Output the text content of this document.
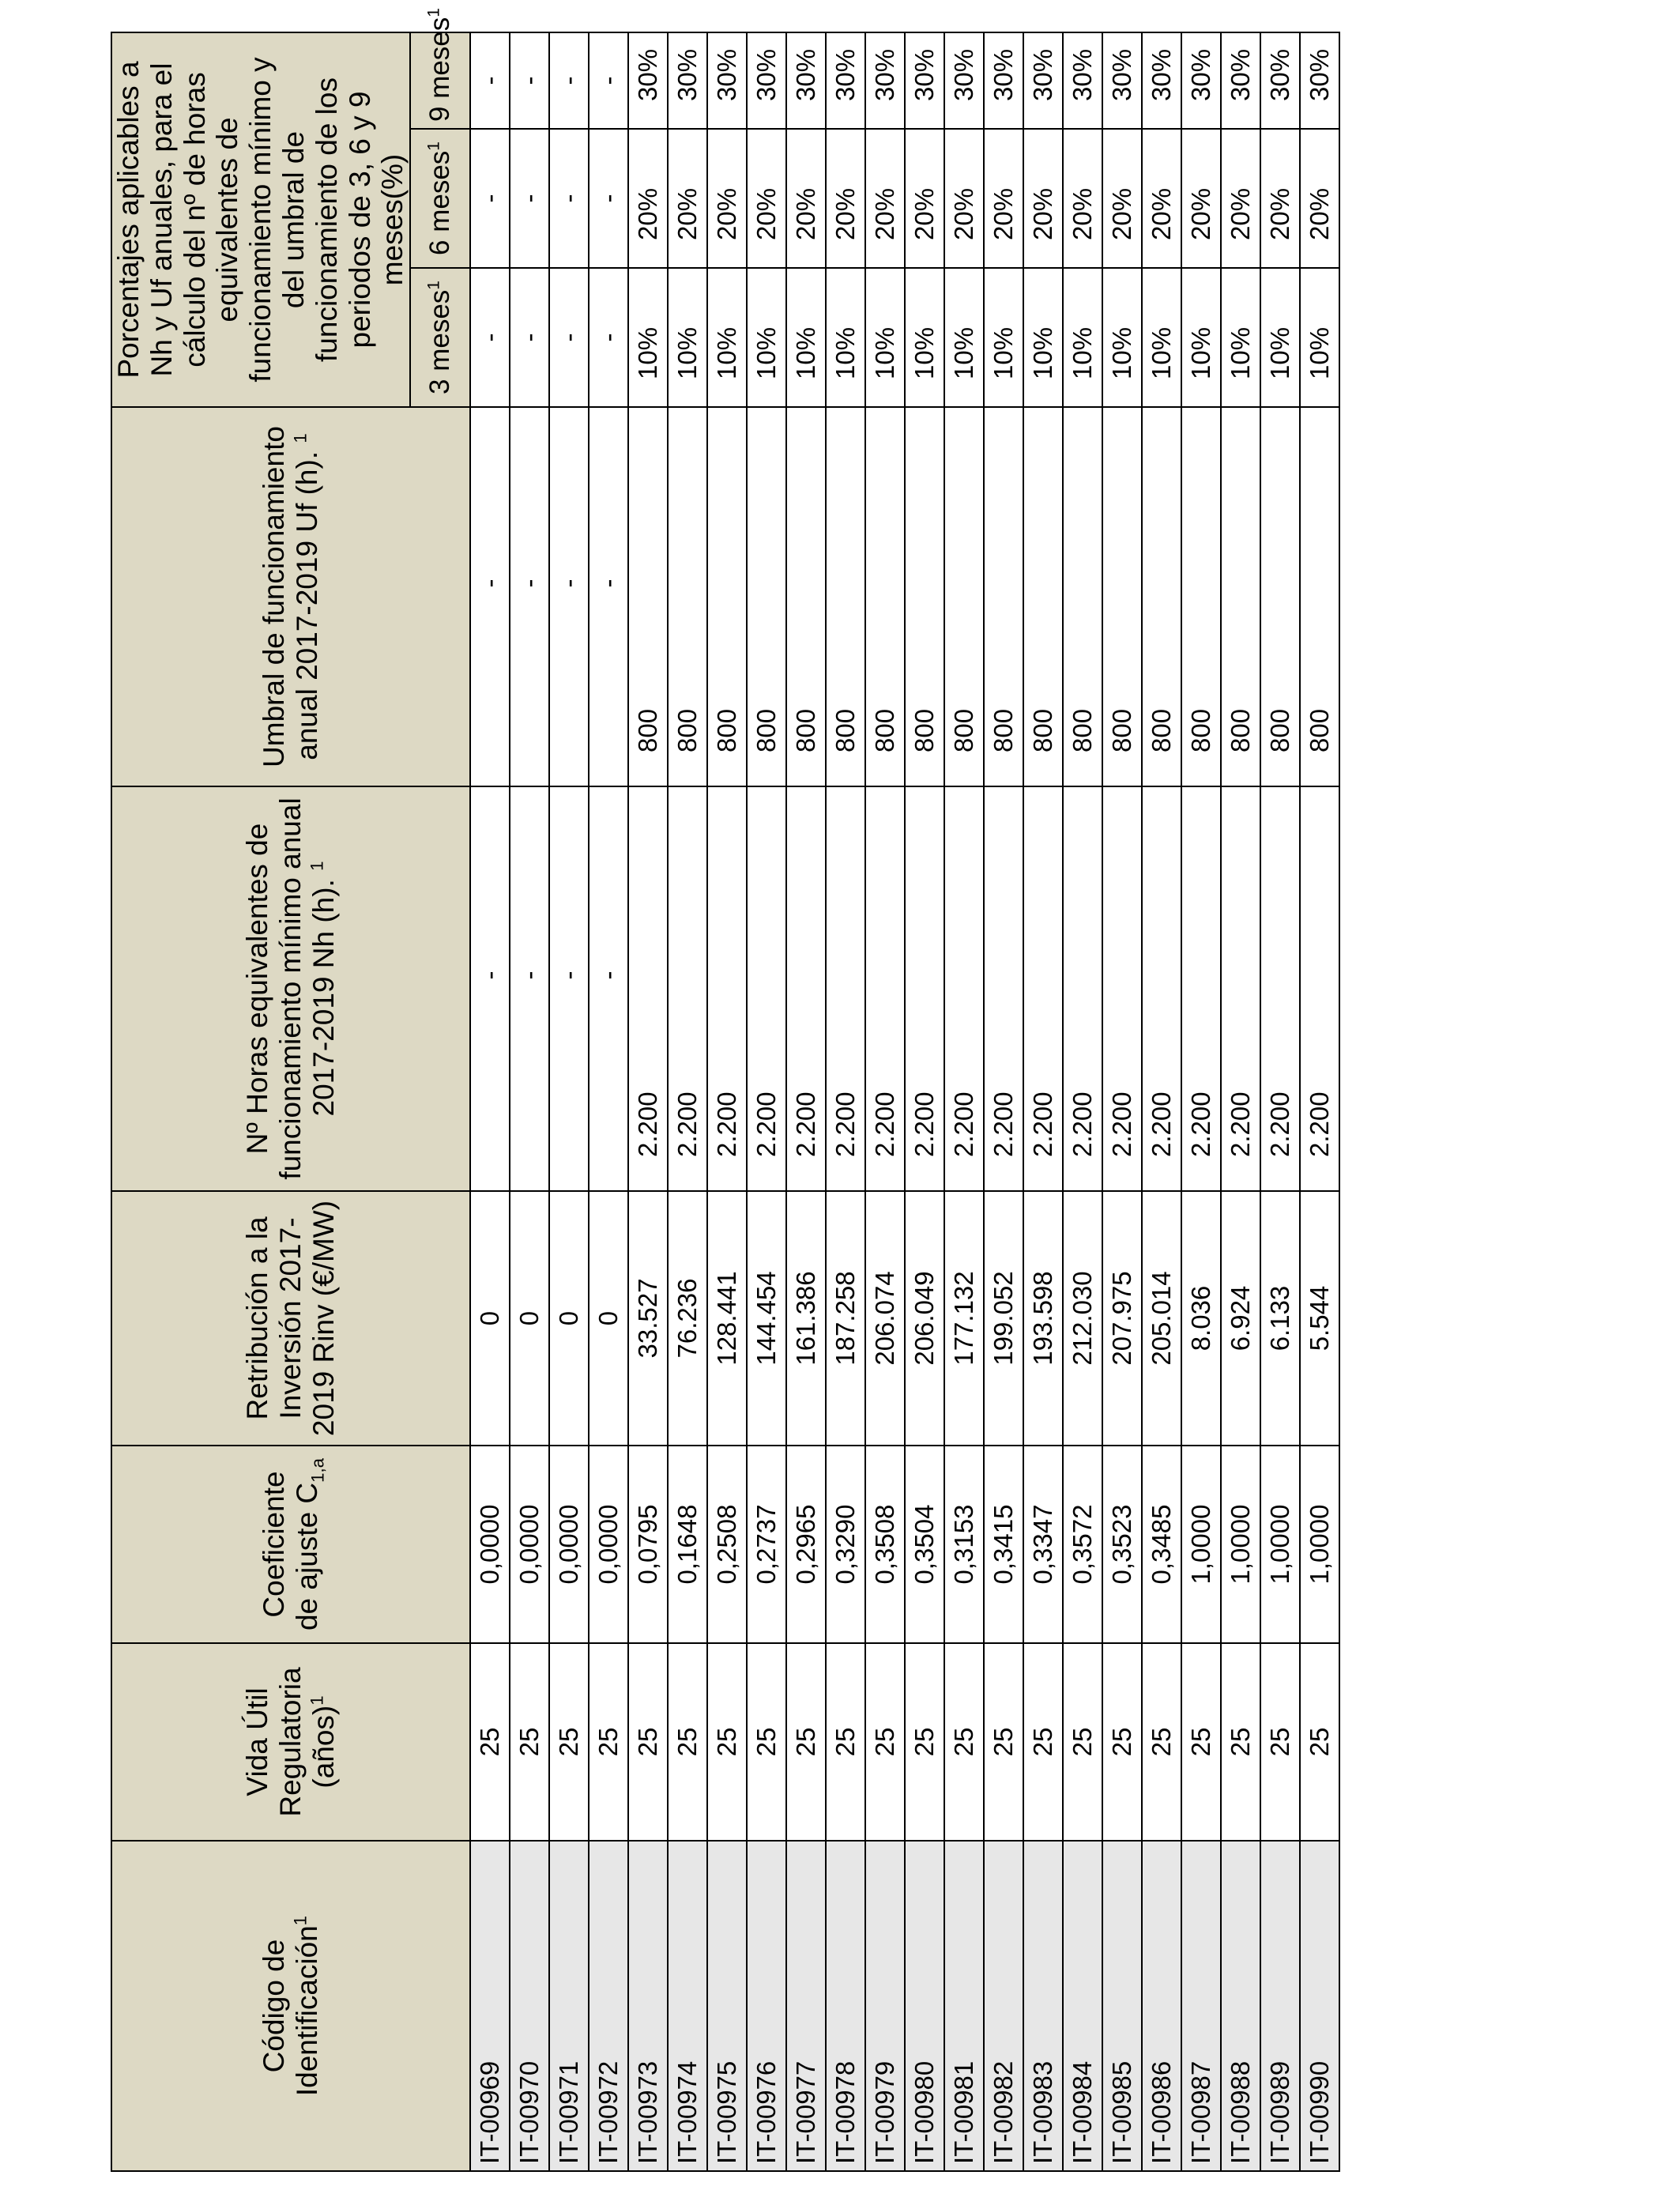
Código de Identificación$^1$	Vida Útil Regulatoria (años)$^1$	Coeficiente de ajuste $C_{1,a}$	Retribución a la Inversión 2017-2019 Rinv (€/MW)	Nº Horas equivalentes de funcionamiento mínimo anual 2017-2019 Nh (h). $^1$	Umbral de funcionamiento anual 2017-2019 Uf (h). $^1$	Porcentajes aplicables a Nh y Uf anuales, para el cálculo del nº de horas equivalentes de funcionamiento mínimo y del umbral de funcionamiento de los periodos de 3, 6 y 9 meses(%)		
						3 meses$^1$	6 meses$^1$	9 meses$^1$
IT-00969	25	0,0000	0	-	-	-	-	-
IT-00970	25	0,0000	0	-	-	-	-	-
IT-00971	25	0,0000	0	-	-	-	-	-
IT-00972	25	0,0000	0	-	-	-	-	-
IT-00973	25	0,0795	33.527	2.200	800	10%	20%	30%
IT-00974	25	0,1648	76.236	2.200	800	10%	20%	30%
IT-00975	25	0,2508	128.441	2.200	800	10%	20%	30%
IT-00976	25	0,2737	144.454	2.200	800	10%	20%	30%
IT-00977	25	0,2965	161.386	2.200	800	10%	20%	30%
IT-00978	25	0,3290	187.258	2.200	800	10%	20%	30%
IT-00979	25	0,3508	206.074	2.200	800	10%	20%	30%
IT-00980	25	0,3504	206.049	2.200	800	10%	20%	30%
IT-00981	25	0,3153	177.132	2.200	800	10%	20%	30%
IT-00982	25	0,3415	199.052	2.200	800	10%	20%	30%
IT-00983	25	0,3347	193.598	2.200	800	10%	20%	30%
IT-00984	25	0,3572	212.030	2.200	800	10%	20%	30%
IT-00985	25	0,3523	207.975	2.200	800	10%	20%	30%
IT-00986	25	0,3485	205.014	2.200	800	10%	20%	30%
IT-00987	25	1,0000	8.036	2.200	800	10%	20%	30%
IT-00988	25	1,0000	6.924	2.200	800	10%	20%	30%
IT-00989	25	1,0000	6.133	2.200	800	10%	20%	30%
IT-00990	25	1,0000	5.544	2.200	800	10%	20%	30%
